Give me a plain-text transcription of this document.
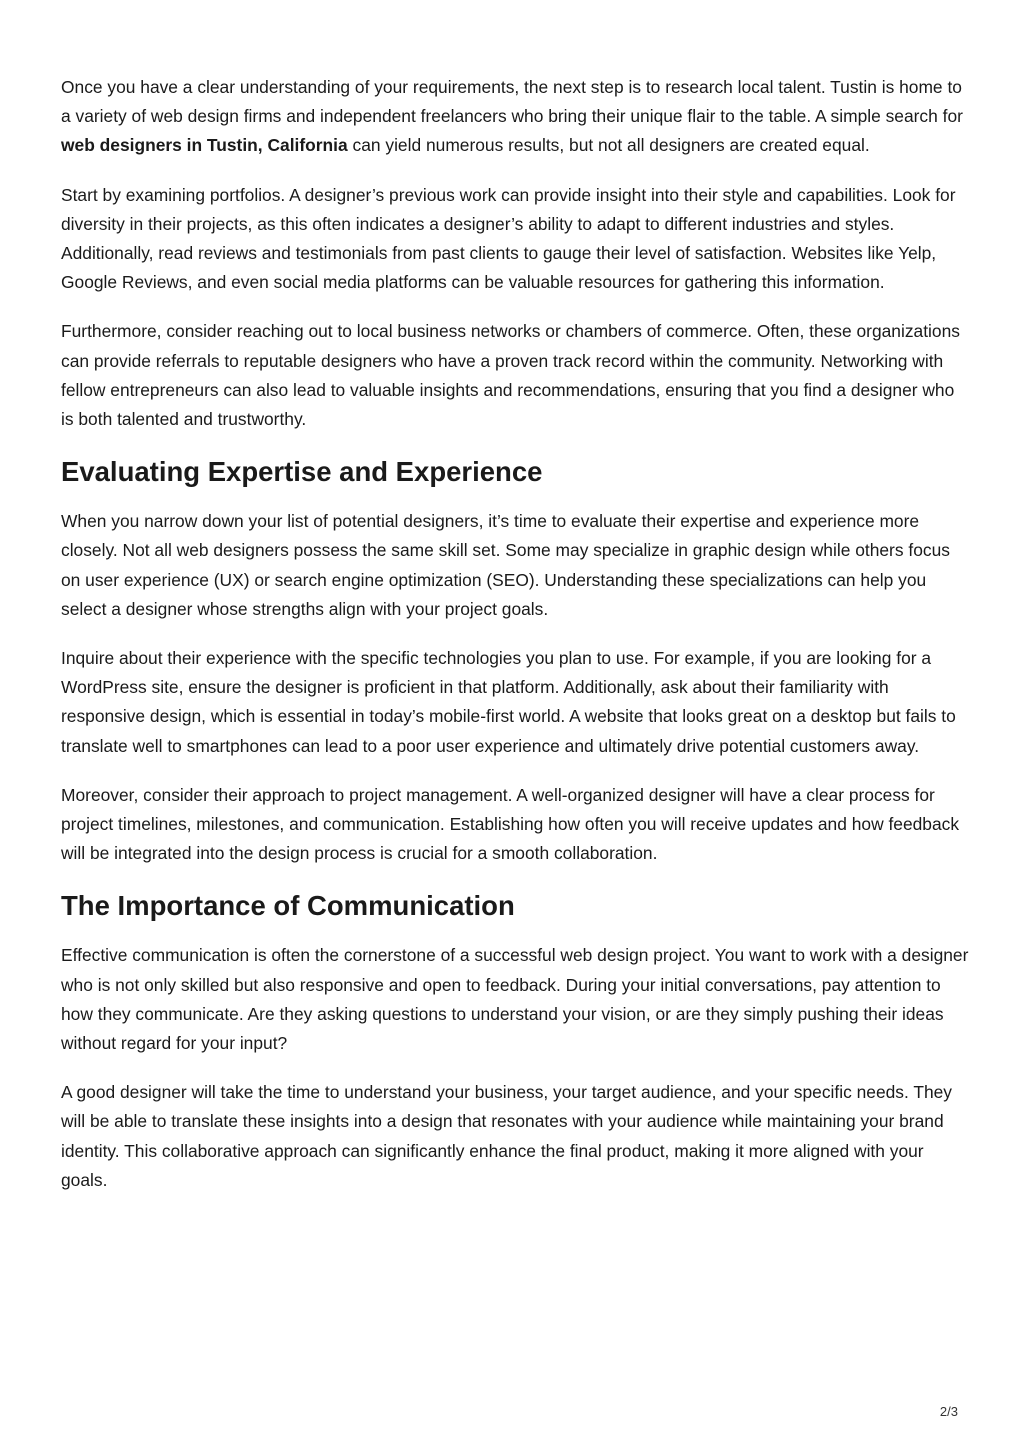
Once you have a clear understanding of your requirements, the next step is to research local talent. Tustin is home to a variety of web design firms and independent freelancers who bring their unique flair to the table. A simple search for web designers in Tustin, California can yield numerous results, but not all designers are created equal.

Start by examining portfolios. A designer’s previous work can provide insight into their style and capabilities. Look for diversity in their projects, as this often indicates a designer’s ability to adapt to different industries and styles. Additionally, read reviews and testimonials from past clients to gauge their level of satisfaction. Websites like Yelp, Google Reviews, and even social media platforms can be valuable resources for gathering this information.

Furthermore, consider reaching out to local business networks or chambers of commerce. Often, these organizations can provide referrals to reputable designers who have a proven track record within the community. Networking with fellow entrepreneurs can also lead to valuable insights and recommendations, ensuring that you find a designer who is both talented and trustworthy.

Evaluating Expertise and Experience

When you narrow down your list of potential designers, it’s time to evaluate their expertise and experience more closely. Not all web designers possess the same skill set. Some may specialize in graphic design while others focus on user experience (UX) or search engine optimization (SEO). Understanding these specializations can help you select a designer whose strengths align with your project goals.

Inquire about their experience with the specific technologies you plan to use. For example, if you are looking for a WordPress site, ensure the designer is proficient in that platform. Additionally, ask about their familiarity with responsive design, which is essential in today’s mobile-first world. A website that looks great on a desktop but fails to translate well to smartphones can lead to a poor user experience and ultimately drive potential customers away.

Moreover, consider their approach to project management. A well-organized designer will have a clear process for project timelines, milestones, and communication. Establishing how often you will receive updates and how feedback will be integrated into the design process is crucial for a smooth collaboration.

The Importance of Communication

Effective communication is often the cornerstone of a successful web design project. You want to work with a designer who is not only skilled but also responsive and open to feedback. During your initial conversations, pay attention to how they communicate. Are they asking questions to understand your vision, or are they simply pushing their ideas without regard for your input?

A good designer will take the time to understand your business, your target audience, and your specific needs. They will be able to translate these insights into a design that resonates with your audience while maintaining your brand identity. This collaborative approach can significantly enhance the final product, making it more aligned with your goals.

2/3
